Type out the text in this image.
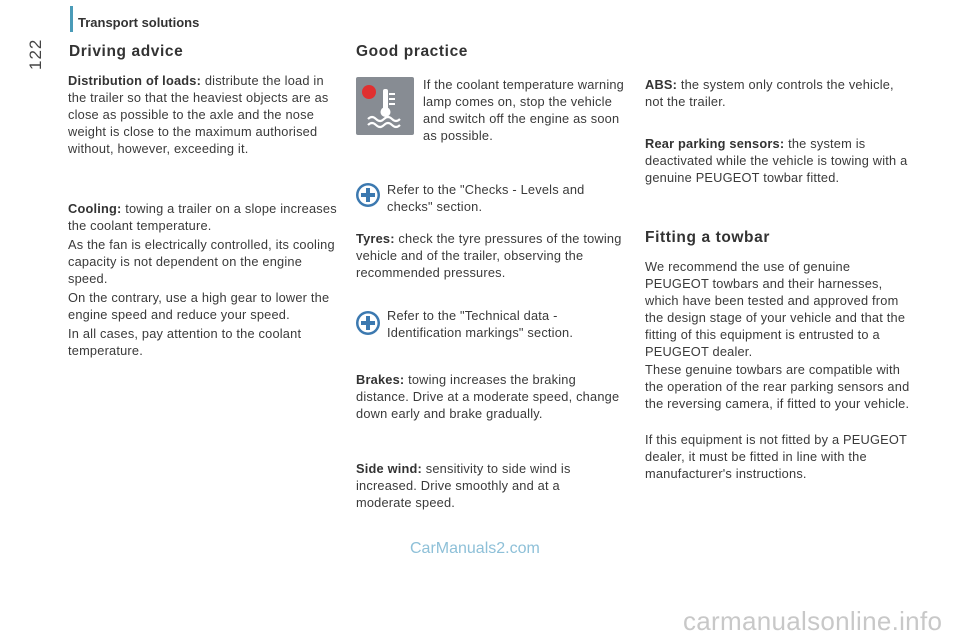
Transport solutions
122 Driving advice

Distribution of loads: distribute the load in the trailer so that the heaviest objects are as close as possible to the axle and the nose weight is close to the maximum authorised without, however, exceeding it.

Cooling: towing a trailer on a slope increases the coolant temperature.

As the fan is electrically controlled, its cooling capacity is not dependent on the engine speed.

On the contrary, use a high gear to lower the engine speed and reduce your speed.

In all cases, pay attention to the coolant temperature.

Good practice

If the coolant temperature warning lamp comes on, stop the vehicle and switch off the engine as soon as possible.

Refer to the "Checks - Levels and checks" section.

Tyres: check the tyre pressures of the towing vehicle and of the trailer, observing the recommended pressures.

Refer to the "Technical data - Identification markings" section.

Brakes: towing increases the braking distance. Drive at a moderate speed, change down early and brake gradually.

Side wind: sensitivity to side wind is increased. Drive smoothly and at a moderate speed.

ABS: the system only controls the vehicle, not the trailer.

Rear parking sensors: the system is deactivated while the vehicle is towing with a genuine PEUGEOT towbar fitted.

Fitting a towbar

We recommend the use of genuine PEUGEOT towbars and their harnesses, which have been tested and approved from the design stage of your vehicle and that the fitting of this equipment is entrusted to a PEUGEOT dealer.

These genuine towbars are compatible with the operation of the rear parking sensors and the reversing camera, if fitted to your vehicle.

If this equipment is not fitted by a PEUGEOT dealer, it must be fitted in line with the manufacturer's instructions.

CarManuals2.com
carmanualsonline.info
